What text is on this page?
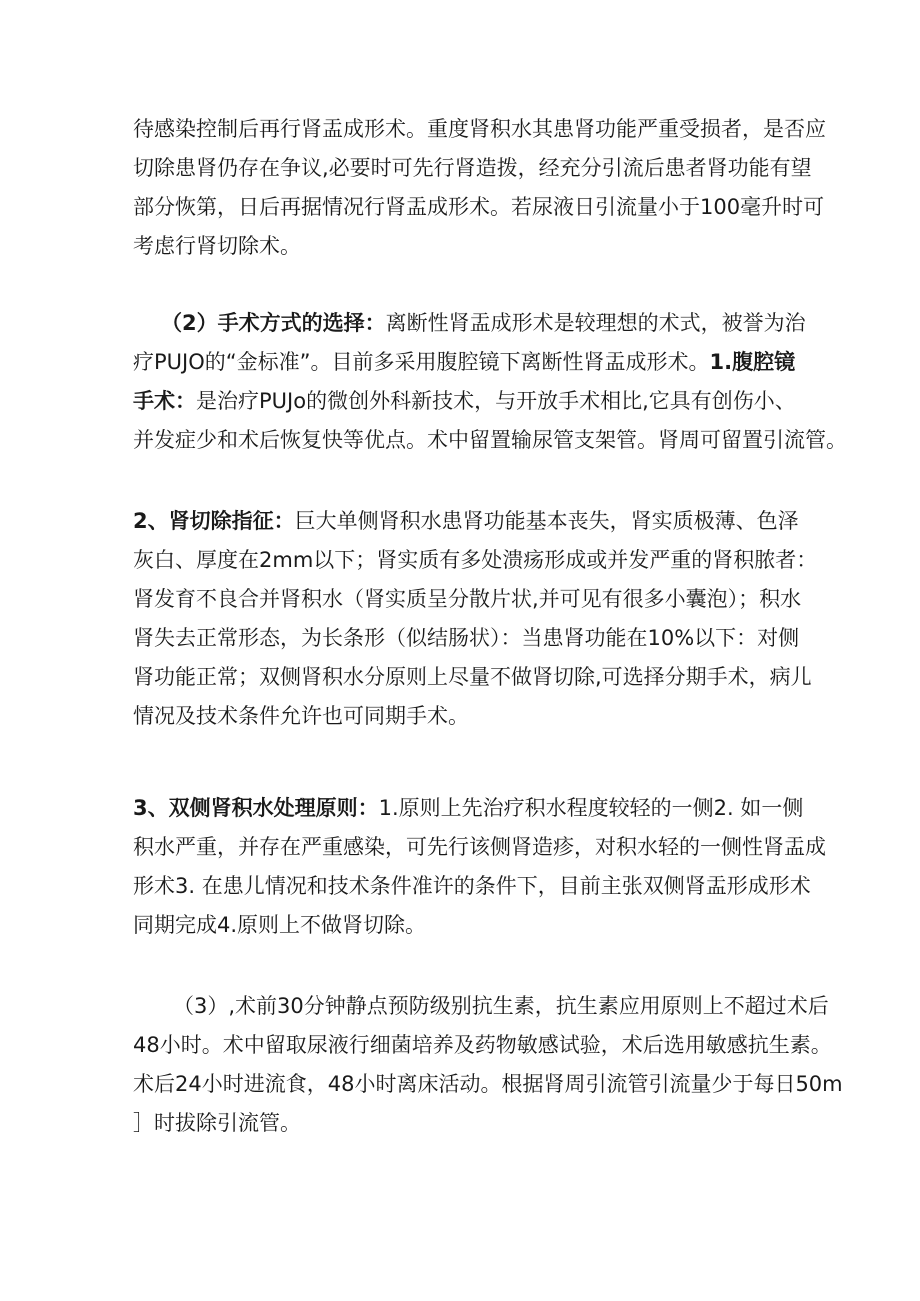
待感染控制后再行肾盂成形术。重度肾积水其患肾功能严重受损者，是否应
切除患肾仍存在争议,必要时可先行肾造拨，经充分引流后患者肾功能有望
部分恢第，日后再据情况行肾盂成形术。若尿液日引流量小于100毫升时可
考虑行肾切除术。
（2）手术方式的选择：离断性肾盂成形术是较理想的术式，被誉为治
疗PUJO的“金标准”。目前多采用腹腔镜下离断性肾盂成形术。1.腹腔镜
手术：是治疗PUJo的微创外科新技术，与开放手术相比,它具有创伤小、
并发症少和术后恢复快等优点。术中留置输尿管支架管。肾周可留置引流管。
2、肾切除指征：巨大单侧肾积水患肾功能基本丧失，肾实质极薄、色泽
灰白、厚度在2mm以下；肾实质有多处溃疡形成或并发严重的肾积脓者：
肾发育不良合并肾积水（肾实质呈分散片状,并可见有很多小囊泡）；积水
肾失去正常形态，为长条形（似结肠状）：当患肾功能在10%以下：对侧
肾功能正常；双侧肾积水分原则上尽量不做肾切除,可选择分期手术，病儿
情况及技术条件允许也可同期手术。
3、双侧肾积水处理原则：1.原则上先治疗积水程度较轻的一侧2. 如一侧
积水严重，并存在严重感染，可先行该侧肾造疹，对积水轻的一侧性肾盂成
形术3. 在患儿情况和技术条件准许的条件下，目前主张双侧肾盂形成形术
同期完成4.原则上不做肾切除。
（3）,术前30分钟静点预防级别抗生素，抗生素应用原则上不超过术后
48小时。术中留取尿液行细菌培养及药物敏感试验，术后选用敏感抗生素。
术后24小时进流食，48小时离床活动。根据肾周引流管引流量少于每日50m
］时拔除引流管。
